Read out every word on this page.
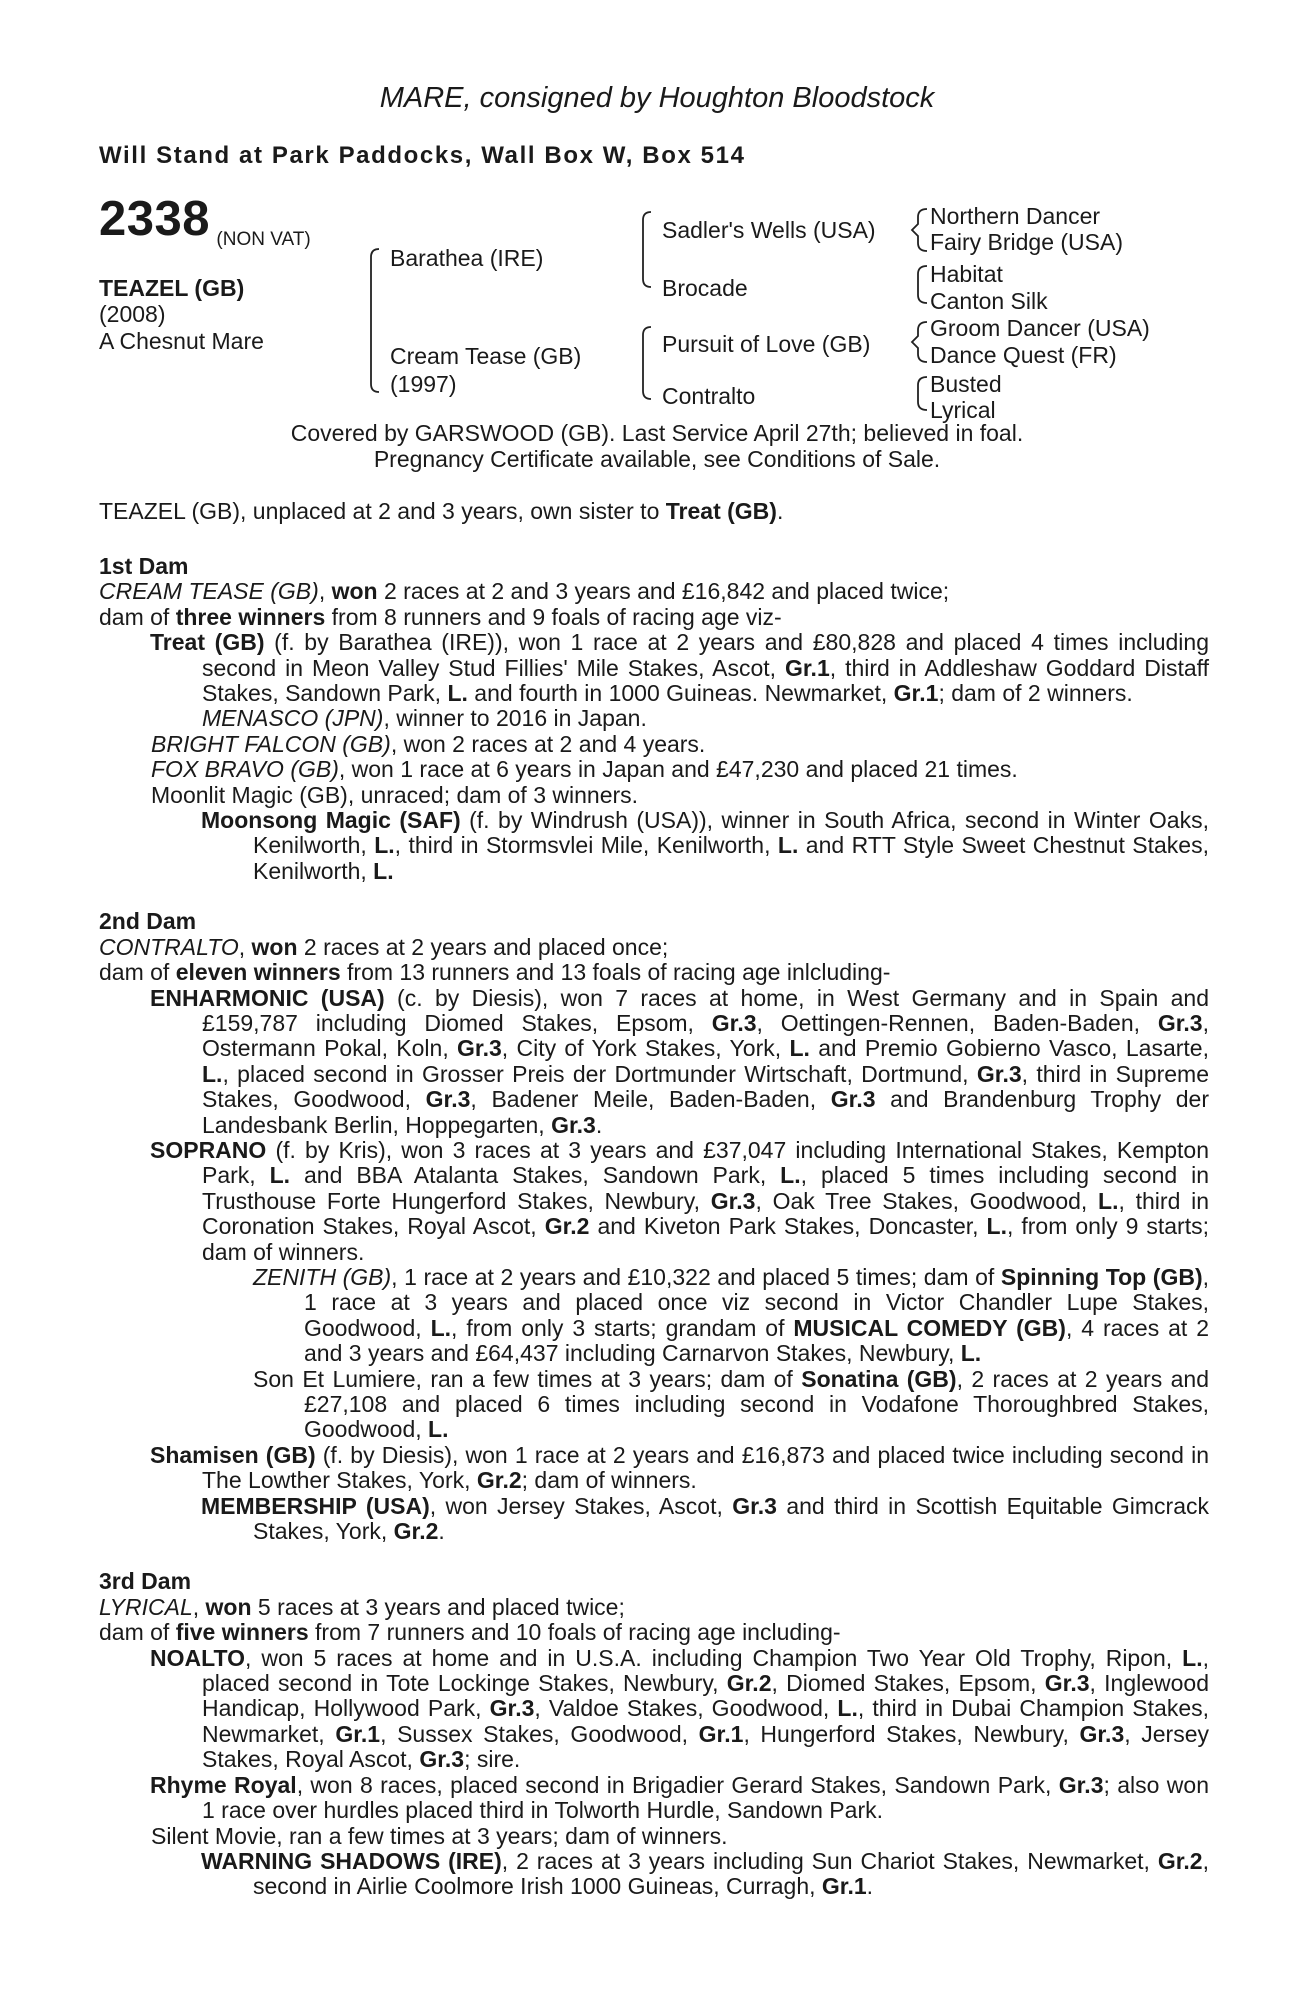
MARE, consigned by Houghton Bloodstock
Will Stand at Park Paddocks, Wall Box W, Box 514
2338 (NON VAT)
TEAZEL (GB)
(2008)
A Chesnut Mare
Barathea (IRE)
Cream Tease (GB)
(1997)
Sadler's Wells (USA)
Brocade
Pursuit of Love (GB)
Contralto
Northern Dancer
Fairy Bridge (USA)
Habitat
Canton Silk
Groom Dancer (USA)
Dance Quest (FR)
Busted
Lyrical
Covered by GARSWOOD (GB). Last Service April 27th; believed in foal.
Pregnancy Certificate available, see Conditions of Sale.
TEAZEL (GB), unplaced at 2 and 3 years, own sister to Treat (GB).

1st Dam

CREAM TEASE (GB), won 2 races at 2 and 3 years and £16,842 and placed twice;

dam of three winners from 8 runners and 9 foals of racing age viz-

Treat (GB) (f. by Barathea (IRE)), won 1 race at 2 years and £80,828 and placed 4 times including second in Meon Valley Stud Fillies' Mile Stakes, Ascot, Gr.1, third in Addleshaw Goddard Distaff Stakes, Sandown Park, L. and fourth in 1000 Guineas. Newmarket, Gr.1; dam of 2 winners.

MENASCO (JPN), winner to 2016 in Japan.

BRIGHT FALCON (GB), won 2 races at 2 and 4 years.

FOX BRAVO (GB), won 1 race at 6 years in Japan and £47,230 and placed 21 times.

Moonlit Magic (GB), unraced; dam of 3 winners.

Moonsong Magic (SAF) (f. by Windrush (USA)), winner in South Africa, second in Winter Oaks, Kenilworth, L., third in Stormsvlei Mile, Kenilworth, L. and RTT Style Sweet Chestnut Stakes, Kenilworth, L.

2nd Dam

CONTRALTO, won 2 races at 2 years and placed once;

dam of eleven winners from 13 runners and 13 foals of racing age inlcluding-

ENHARMONIC (USA) (c. by Diesis), won 7 races at home, in West Germany and in Spain and £159,787 including Diomed Stakes, Epsom, Gr.3, Oettingen-Rennen, Baden-Baden, Gr.3, Ostermann Pokal, Koln, Gr.3, City of York Stakes, York, L. and Premio Gobierno Vasco, Lasarte, L., placed second in Grosser Preis der Dortmunder Wirtschaft, Dortmund, Gr.3, third in Supreme Stakes, Goodwood, Gr.3, Badener Meile, Baden-Baden, Gr.3 and Brandenburg Trophy der Landesbank Berlin, Hoppegarten, Gr.3.

SOPRANO (f. by Kris), won 3 races at 3 years and £37,047 including International Stakes, Kempton Park, L. and BBA Atalanta Stakes, Sandown Park, L., placed 5 times including second in Trusthouse Forte Hungerford Stakes, Newbury, Gr.3, Oak Tree Stakes, Goodwood, L., third in Coronation Stakes, Royal Ascot, Gr.2 and Kiveton Park Stakes, Doncaster, L., from only 9 starts; dam of winners.

ZENITH (GB), 1 race at 2 years and £10,322 and placed 5 times; dam of Spinning Top (GB), 1 race at 3 years and placed once viz second in Victor Chandler Lupe Stakes, Goodwood, L., from only 3 starts; grandam of MUSICAL COMEDY (GB), 4 races at 2 and 3 years and £64,437 including Carnarvon Stakes, Newbury, L.

Son Et Lumiere, ran a few times at 3 years; dam of Sonatina (GB), 2 races at 2 years and £27,108 and placed 6 times including second in Vodafone Thoroughbred Stakes, Goodwood, L.

Shamisen (GB) (f. by Diesis), won 1 race at 2 years and £16,873 and placed twice including second in The Lowther Stakes, York, Gr.2; dam of winners.

MEMBERSHIP (USA), won Jersey Stakes, Ascot, Gr.3 and third in Scottish Equitable Gimcrack Stakes, York, Gr.2.

3rd Dam

LYRICAL, won 5 races at 3 years and placed twice;

dam of five winners from 7 runners and 10 foals of racing age including-

NOALTO, won 5 races at home and in U.S.A. including Champion Two Year Old Trophy, Ripon, L., placed second in Tote Lockinge Stakes, Newbury, Gr.2, Diomed Stakes, Epsom, Gr.3, Inglewood Handicap, Hollywood Park, Gr.3, Valdoe Stakes, Goodwood, L., third in Dubai Champion Stakes, Newmarket, Gr.1, Sussex Stakes, Goodwood, Gr.1, Hungerford Stakes, Newbury, Gr.3, Jersey Stakes, Royal Ascot, Gr.3; sire.

Rhyme Royal, won 8 races, placed second in Brigadier Gerard Stakes, Sandown Park, Gr.3; also won 1 race over hurdles placed third in Tolworth Hurdle, Sandown Park.

Silent Movie, ran a few times at 3 years; dam of winners.

WARNING SHADOWS (IRE), 2 races at 3 years including Sun Chariot Stakes, Newmarket, Gr.2, second in Airlie Coolmore Irish 1000 Guineas, Curragh, Gr.1.
